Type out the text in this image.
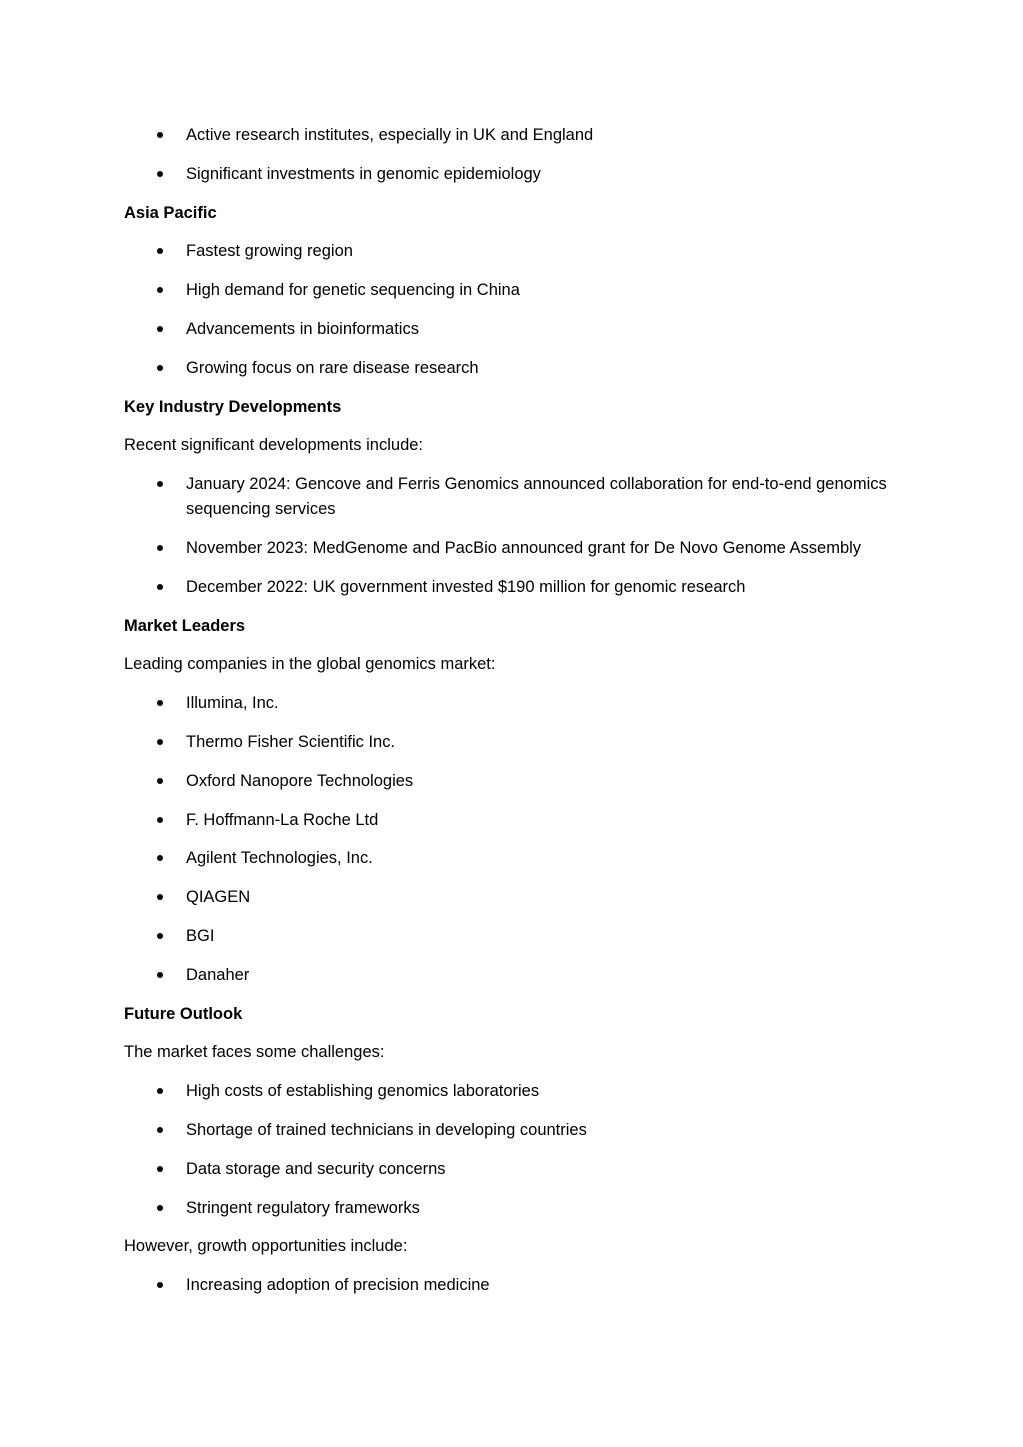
Active research institutes, especially in UK and England
Significant investments in genomic epidemiology
Asia Pacific
Fastest growing region
High demand for genetic sequencing in China
Advancements in bioinformatics
Growing focus on rare disease research
Key Industry Developments
Recent significant developments include:
January 2024: Gencove and Ferris Genomics announced collaboration for end-to-end genomics sequencing services
November 2023: MedGenome and PacBio announced grant for De Novo Genome Assembly
December 2022: UK government invested $190 million for genomic research
Market Leaders
Leading companies in the global genomics market:
Illumina, Inc.
Thermo Fisher Scientific Inc.
Oxford Nanopore Technologies
F. Hoffmann-La Roche Ltd
Agilent Technologies, Inc.
QIAGEN
BGI
Danaher
Future Outlook
The market faces some challenges:
High costs of establishing genomics laboratories
Shortage of trained technicians in developing countries
Data storage and security concerns
Stringent regulatory frameworks
However, growth opportunities include:
Increasing adoption of precision medicine
